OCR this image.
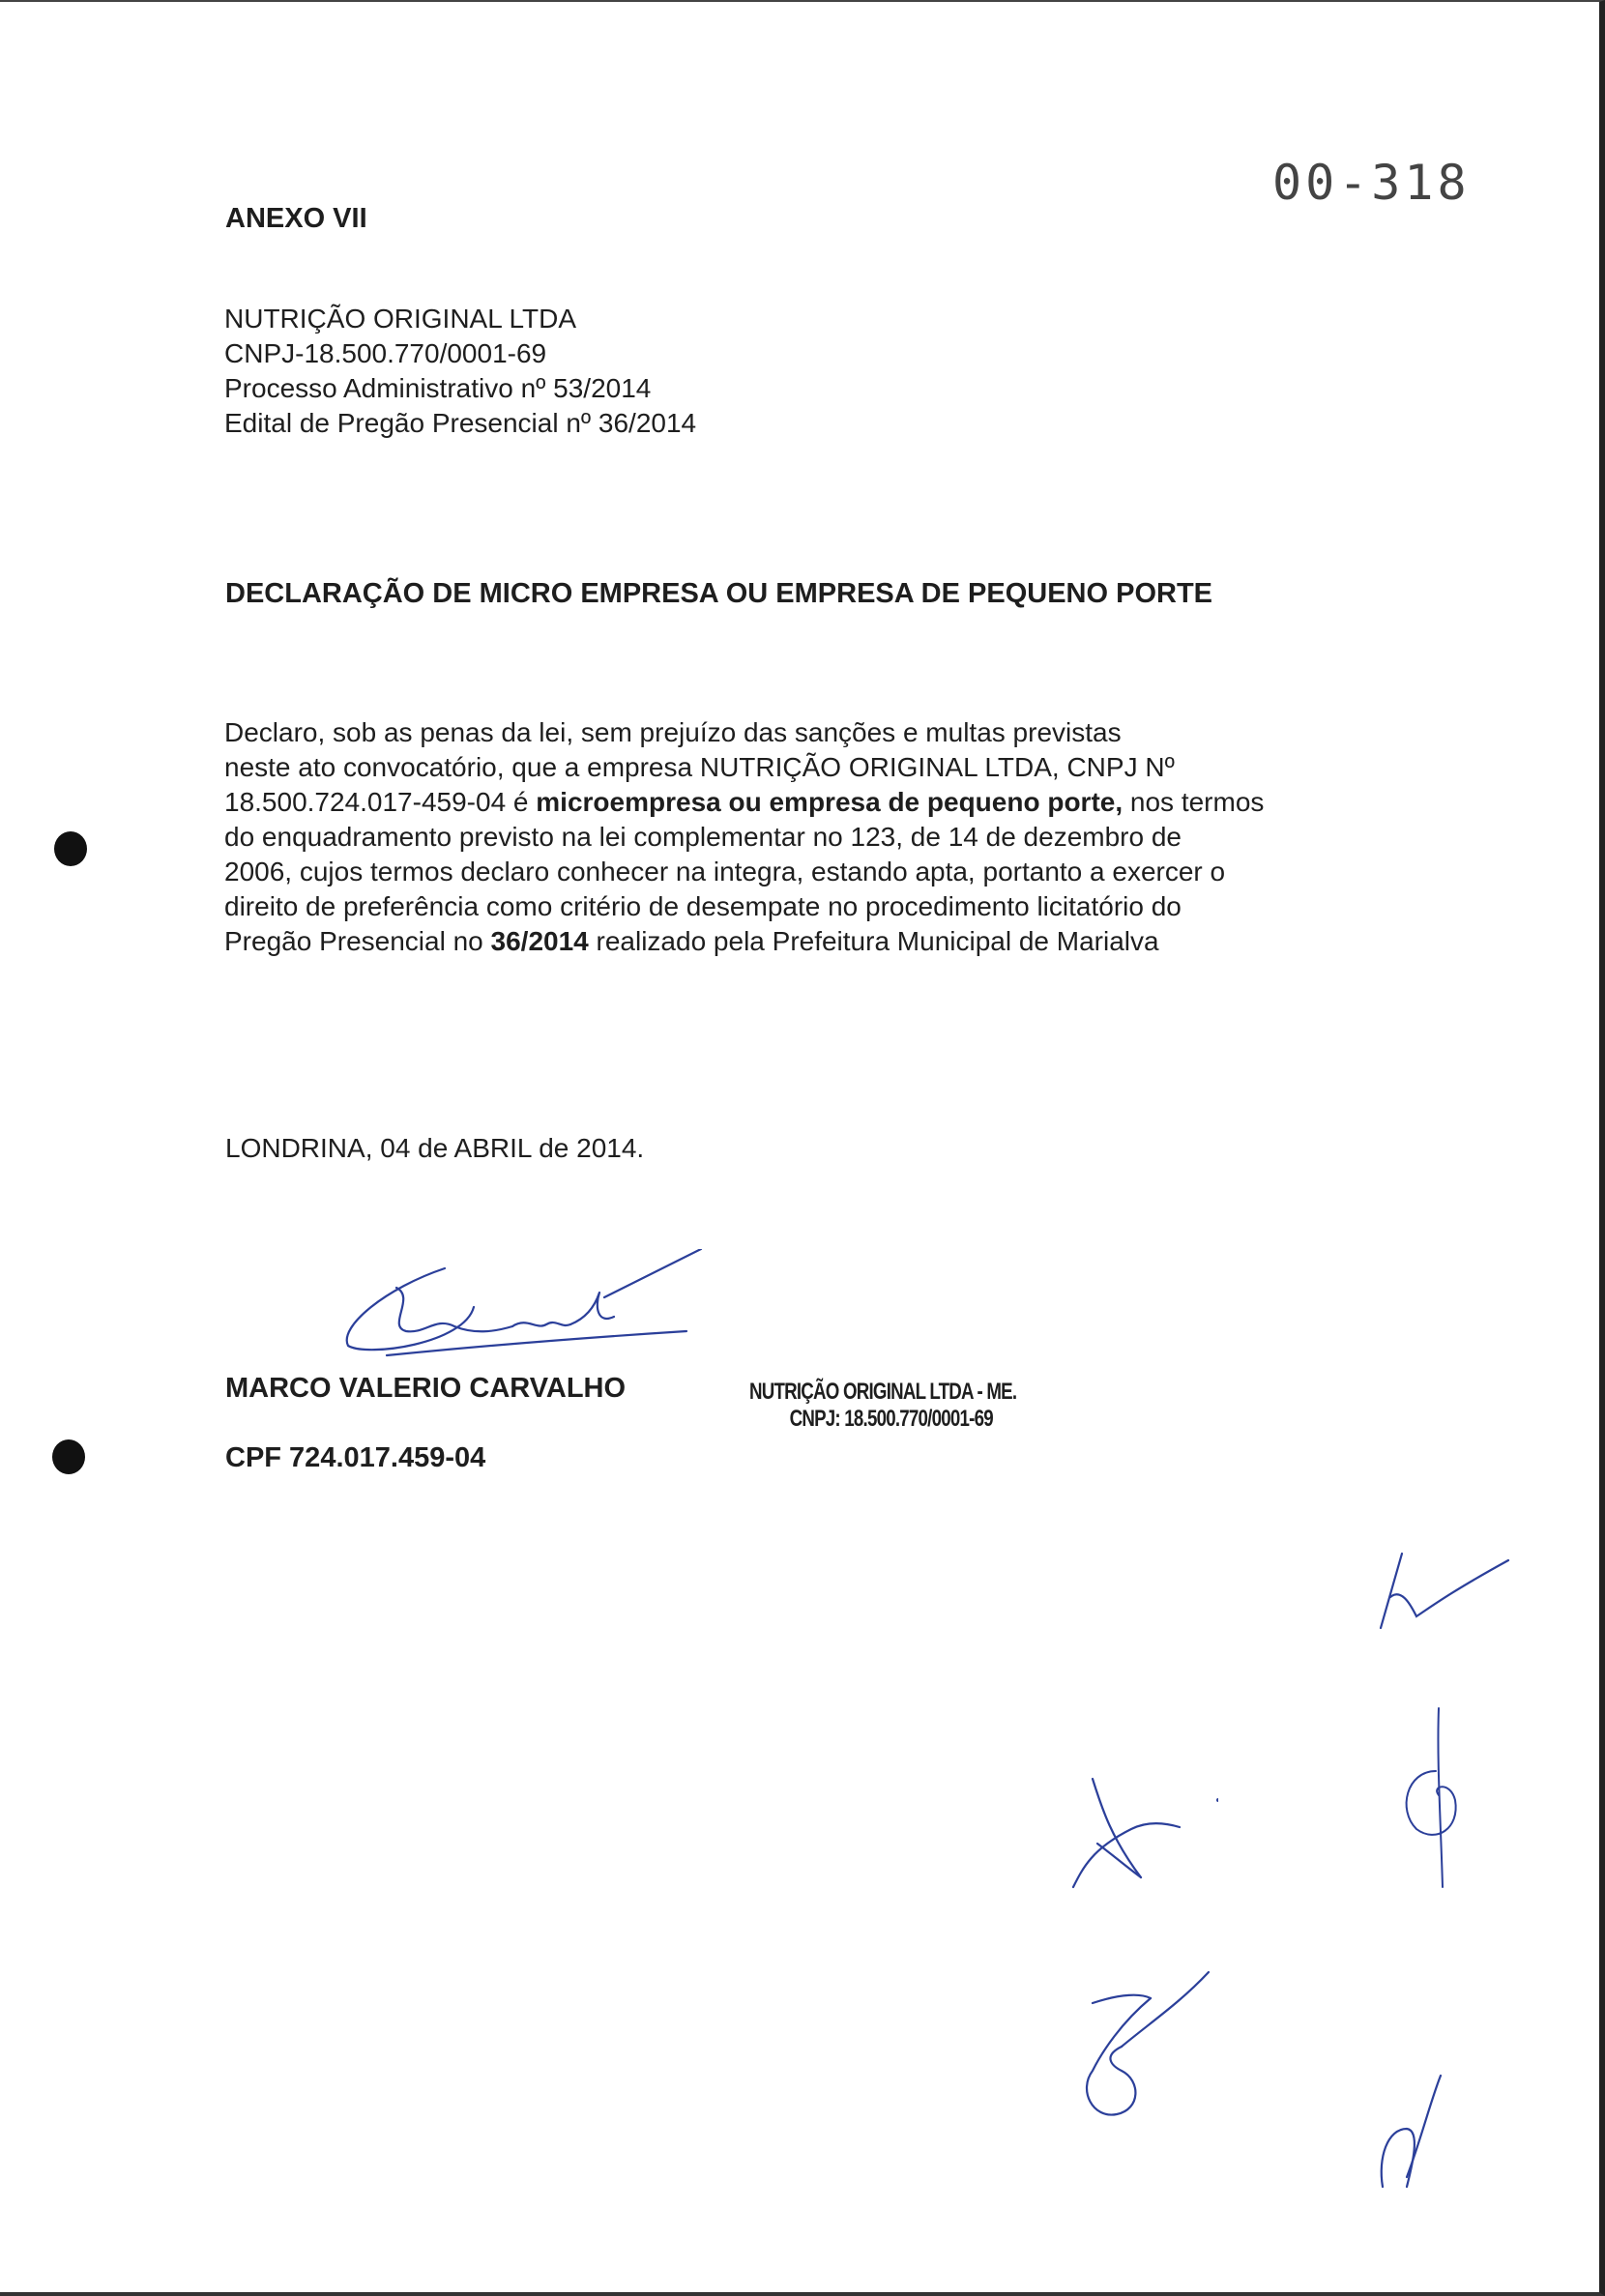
00-318
ANEXO VII
NUTRIÇÃO ORIGINAL LTDA
CNPJ-18.500.770/0001-69
Processo Administrativo nº 53/2014
Edital de Pregão Presencial nº 36/2014
DECLARAÇÃO DE MICRO EMPRESA OU EMPRESA DE PEQUENO PORTE
Declaro, sob as penas da lei, sem prejuízo das sanções e multas previstas
neste ato convocatório, que a empresa NUTRIÇÃO ORIGINAL LTDA, CNPJ Nº
18.500.724.017-459-04 é microempresa ou empresa de pequeno porte, nos termos
do enquadramento previsto na lei complementar no 123, de 14 de dezembro de
2006, cujos termos declaro conhecer na integra, estando apta, portanto a exercer o
direito de preferência como critério de desempate no procedimento licitatório do
Pregão Presencial no 36/2014 realizado pela Prefeitura Municipal de Marialva
LONDRINA, 04 de ABRIL de 2014.
MARCO VALERIO CARVALHO
CPF 724.017.459-04
NUTRIÇÃO ORIGINAL LTDA - ME.
CNPJ: 18.500.770/0001-69
